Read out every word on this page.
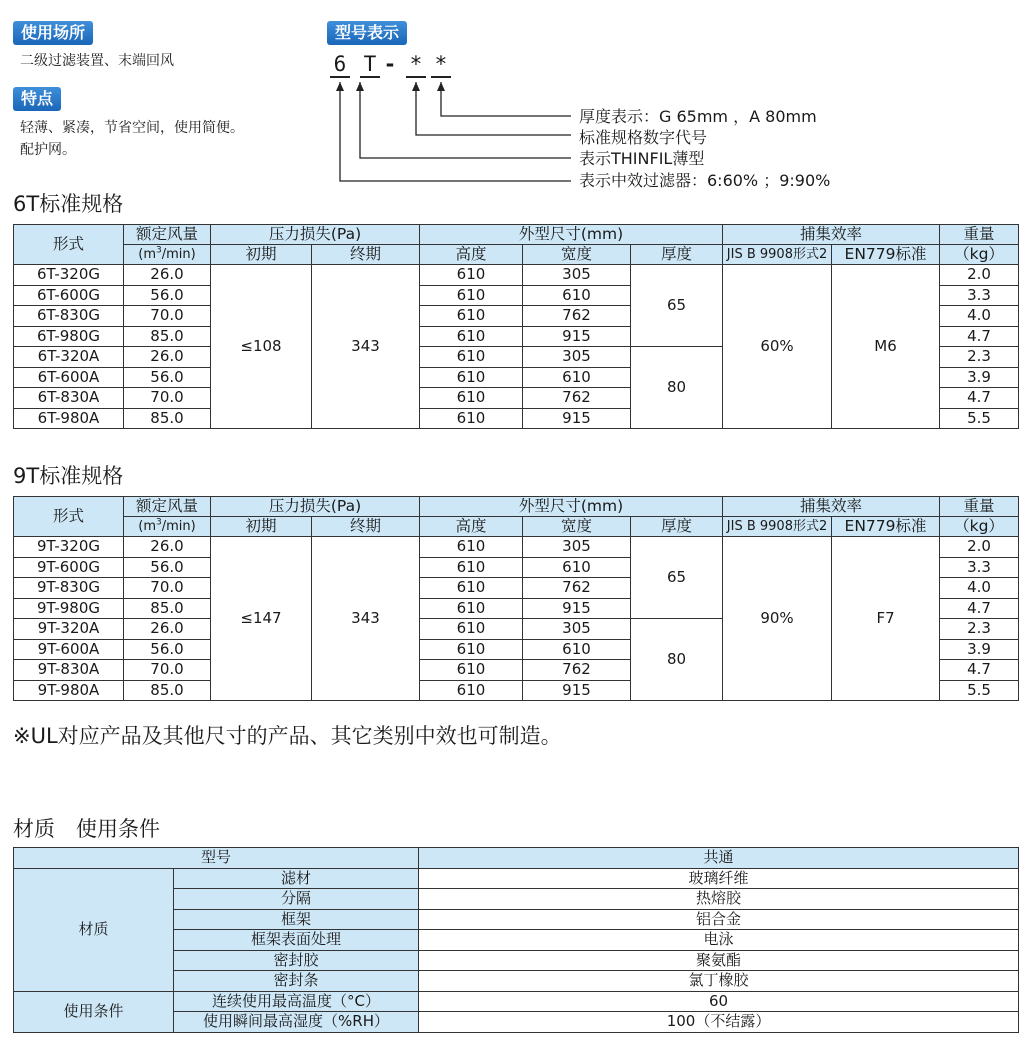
使用场所
二级过滤装置、末端回风
特点
轻薄、紧凑，节省空间，使用简便。
配护网。
型号表示
6 T - * *
厚度表示：G 65mm ，A 80mm
标准规格数字代号
表示THINFIL薄型
表示中效过滤器：6:60% ；9:90%
6T标准规格
形式	额定风量	压力损失(Pa)		外型尺寸(mm)			捕集效率		重量
	$(m^3/\min)$	初期	终期	高度	宽度	厚度	JIS B 9908形式2	EN779标准	（kg）
6T-320G	26.0	≤108	343	610	305	65	60%	M6	2.0
6T-600G	56.0			610	610				3.3
6T-830G	70.0			610	762				4.0
6T-980G	85.0			610	915				4.7
6T-320A	26.0			610	305	80			2.3
6T-600A	56.0			610	610				3.9
6T-830A	70.0			610	762				4.7
6T-980A	85.0			610	915				5.5
9T标准规格
形式	额定风量	压力损失(Pa)		外型尺寸(mm)			捕集效率		重量
	$(m^3/\min)$	初期	终期	高度	宽度	厚度	JIS B 9908形式2	EN779标准	（kg）
9T-320G	26.0	≤147	343	610	305	65	90%	F7	2.0
9T-600G	56.0			610	610				3.3
9T-830G	70.0			610	762				4.0
9T-980G	85.0			610	915				4.7
9T-320A	26.0			610	305	80			2.3
9T-600A	56.0			610	610				3.9
9T-830A	70.0			610	762				4.7
9T-980A	85.0			610	915				5.5
※UL对应产品及其他尺寸的产品、其它类别中效也可制造。
材质　使用条件
型号		共通
材质	滤材	玻璃纤维
	分隔	热熔胶
	框架	铝合金
	框架表面处理	电泳
	密封胶	聚氨酯
	密封条	氯丁橡胶
使用条件	连续使用最高温度（°C）	60
	使用瞬间最高湿度（%RH）	100（不结露）
